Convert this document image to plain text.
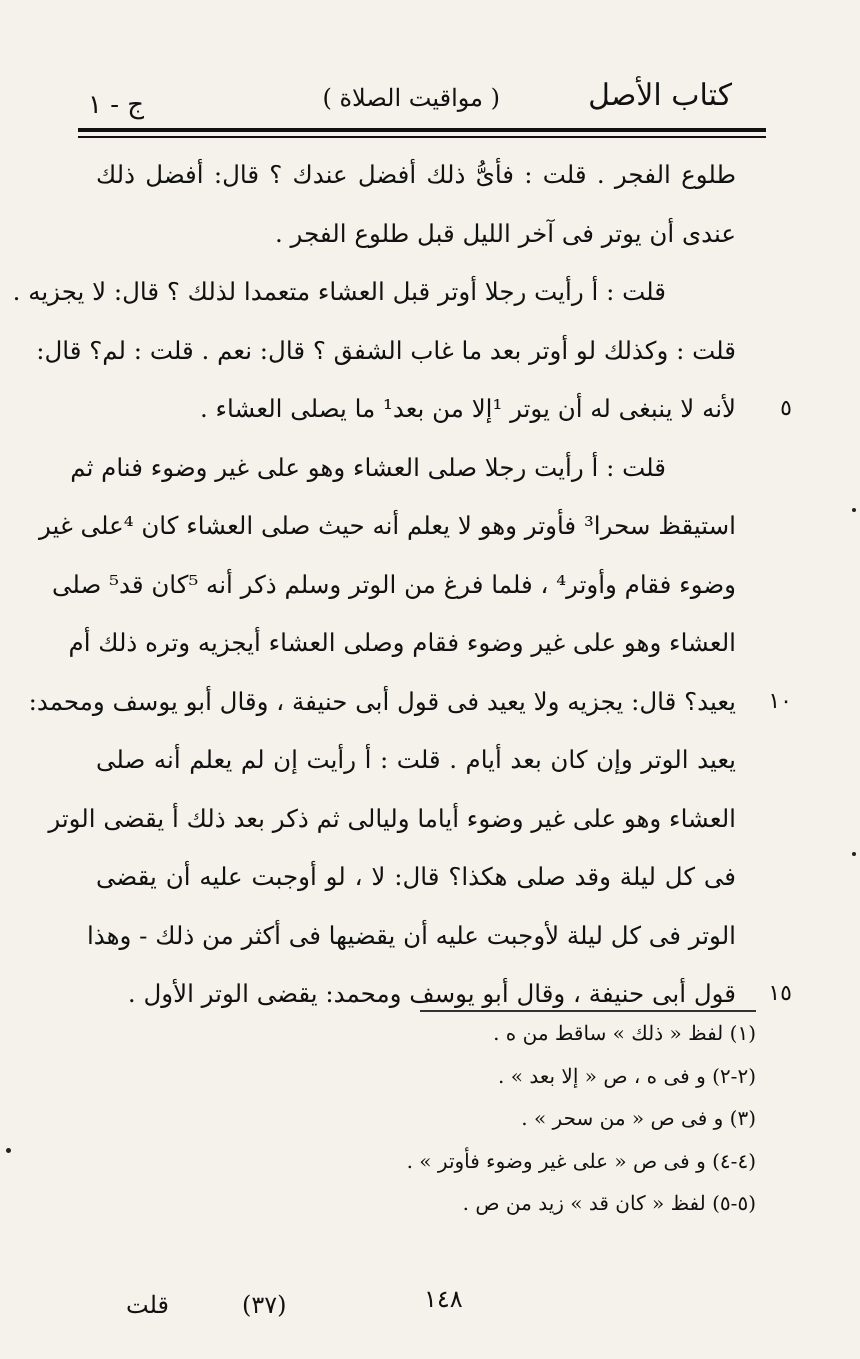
كتاب الأصل
( مواقيت الصلاة )
ج - ١
طلوع الفجر . قلت : فأىُّ ذلك أفضل عندك ؟ قال: أفضل ذلك
عندى أن يوتر فى آخر الليل قبل طلوع الفجر .
قلت : أ رأيت رجلا أوتر قبل العشاء متعمدا لذلك ؟ قال: لا يجزيه .
قلت : وكذلك لو أوتر بعد ما غاب الشفق ؟ قال: نعم . قلت : لم؟ قال:
لأنه لا ينبغى له أن يوتر ¹إلا من بعد¹ ما يصلى العشاء .	٥
قلت : أ رأيت رجلا صلى العشاء وهو على غير وضوء فنام ثم
استيقظ سحرا³ فأوتر وهو لا يعلم أنه حيث صلى العشاء كان ⁴على غير
وضوء فقام وأوتر⁴ ، فلما فرغ من الوتر وسلم ذكر أنه ⁵كان قد⁵ صلى
العشاء وهو على غير وضوء فقام وصلى العشاء أيجزيه وتره ذلك أم
يعيد؟ قال: يجزيه ولا يعيد فى قول أبى حنيفة ، وقال أبو يوسف ومحمد:	١٠
يعيد الوتر وإن كان بعد أيام . قلت : أ رأيت إن لم يعلم أنه صلى
العشاء وهو على غير وضوء أياما وليالى ثم ذكر بعد ذلك أ يقضى الوتر
فى كل ليلة وقد صلى هكذا؟ قال: لا ، لو أوجبت عليه أن يقضى
الوتر فى كل ليلة لأوجبت عليه أن يقضيها فى أكثر من ذلك - وهذا
قول أبى حنيفة ، وقال أبو يوسف ومحمد: يقضى الوتر الأول .	١٥
(١) لفظ « ذلك » ساقط من ه .
(٢-٢) و فى ه ، ص « إلا بعد » .
(٣) و فى ص « من سحر » .
(٤-٤) و فى ص « على غير وضوء فأوتر » .
(٥-٥) لفظ « كان قد » زيد من ص .
قلت	(٣٧)	١٤٨
